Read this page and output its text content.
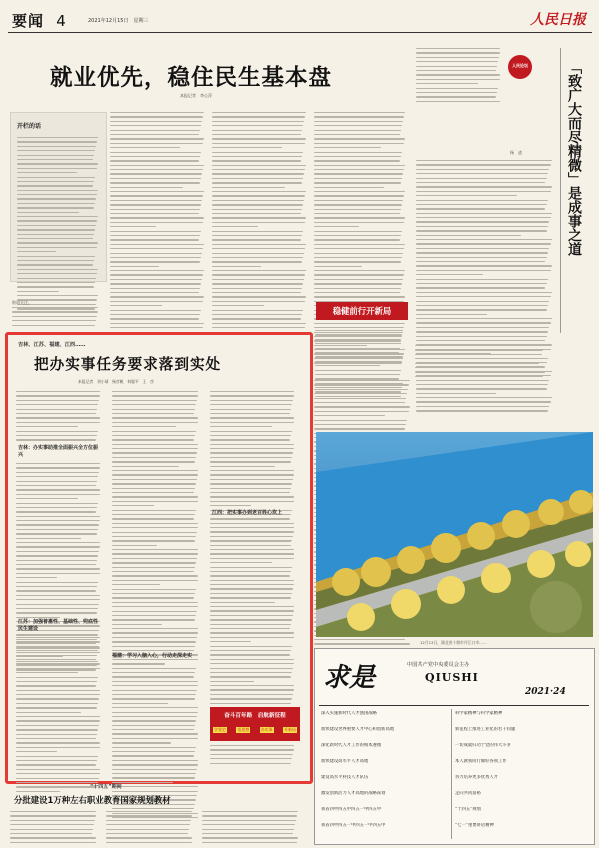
要闻 4	2021年12月15日　星期三	人民日报
就业优先，稳住民生基本盘
本报记者　李心萍
开栏的话
敬请关注。
稳健前行开新局
人民论坛	「致广大而尽精微」是成事之道
杨　凌
吉林、江苏、福建、江西……
把办实事任务要求落到实处
本报记者　刘小靖　杨彦帆　何聪平　王　彦
吉林：办实事助推全面振兴全方位振兴
江苏：加强普惠性、基础性、兜底性民生建设
江西：把实事办到老百姓心坎上
福建：学习入脑入心，行动走深走实
奋斗百年路　启航新征程
学党史	悟思想	办实事	开新局
“十四五”期间
分批建设1万种左右职业教育国家规划教材
12月13日，湖北省十堰市丹江口市……
求是	中国共产党中央委员会主办
QIUSHI
2021·24
深入实施新时代人才强国战略
加快建设世界重要人才中心和创新高地
深化新时代人才工作的根本遵循
加快建设高水平人才高地
建设高水平科技人才队伍
激发创新活力人才高地的战略谋划
我省四中四五中四五一中四五中
我省四中四五一中四五一中四五中
科学家精神与科学家精神
新征程上推进工业化的若干问题
一切成就归功于党的伟大斗争
本人教我同行做好各项工作
努力培养更多优秀人才
走向共同富裕
“十四五”规划
“七一”重要讲话精神
